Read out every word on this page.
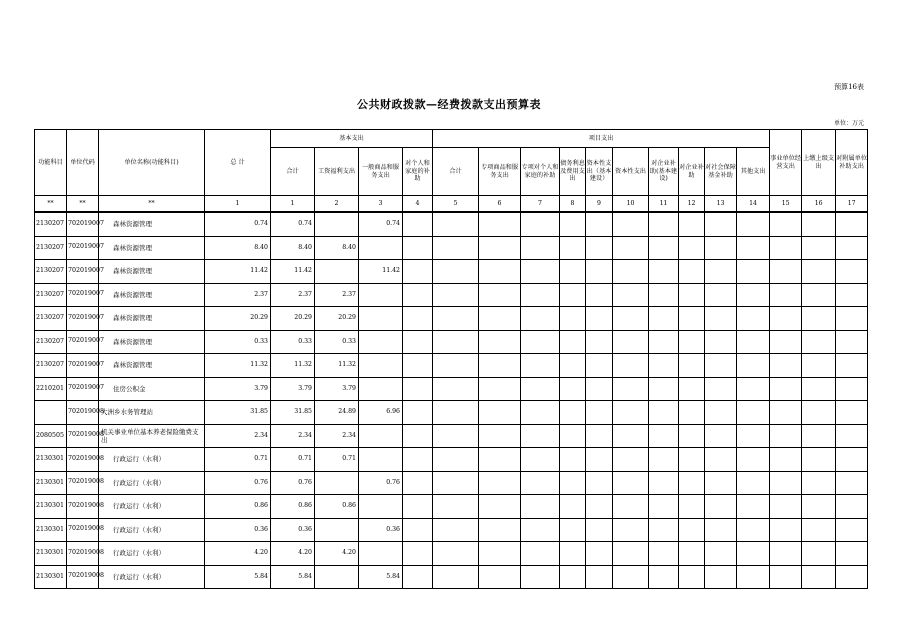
预算16表
公共财政拨款—经费拨款支出预算表
单位：万元
功能科目	单位代码	单位名称(功能科目)	总 计	基本支出				项目支出										事业单位经营支出	上缴上级支出	对附属单位补助支出
				合计	工资福利支出	一般商品和服务支出	对个人和家庭的补助	合计	专项商品和服务支出	专项对个人和家庭的补助	债务利息及费用支出	资本性支出（基本建设）	资本性支出	对企业补助(基本建设)	对企业补助	对社会保障基金补助	其他支出			
**	**	**	1	1	2	3	4	5	6	7	8	9	10	11	12	13	14	15	16	17
2130207	702019007	森林资源管理	0.74	0.74		0.74														
2130207	702019007	森林资源管理	8.40	8.40	8.40															
2130207	702019007	森林资源管理	11.42	11.42		11.42														
2130207	702019007	森林资源管理	2.37	2.37	2.37															
2130207	702019007	森林资源管理	20.29	20.29	20.29															
2130207	702019007	森林资源管理	0.33	0.33	0.33															
2130207	702019007	森林资源管理	11.32	11.32	11.32															
2210201	702019007	住房公积金	3.79	3.79	3.79															
	702019008	大洲乡水务管理站	31.85	31.85	24.89	6.96														
2080505	702019008	机关事业单位基本养老保险缴费支出	2.34	2.34	2.34															
2130301	702019008	行政运行（水利）	0.71	0.71	0.71															
2130301	702019008	行政运行（水利）	0.76	0.76		0.76														
2130301	702019008	行政运行（水利）	0.86	0.86	0.86															
2130301	702019008	行政运行（水利）	0.36	0.36		0.36														
2130301	702019008	行政运行（水利）	4.20	4.20	4.20															
2130301	702019008	行政运行（水利）	5.84	5.84		5.84														
